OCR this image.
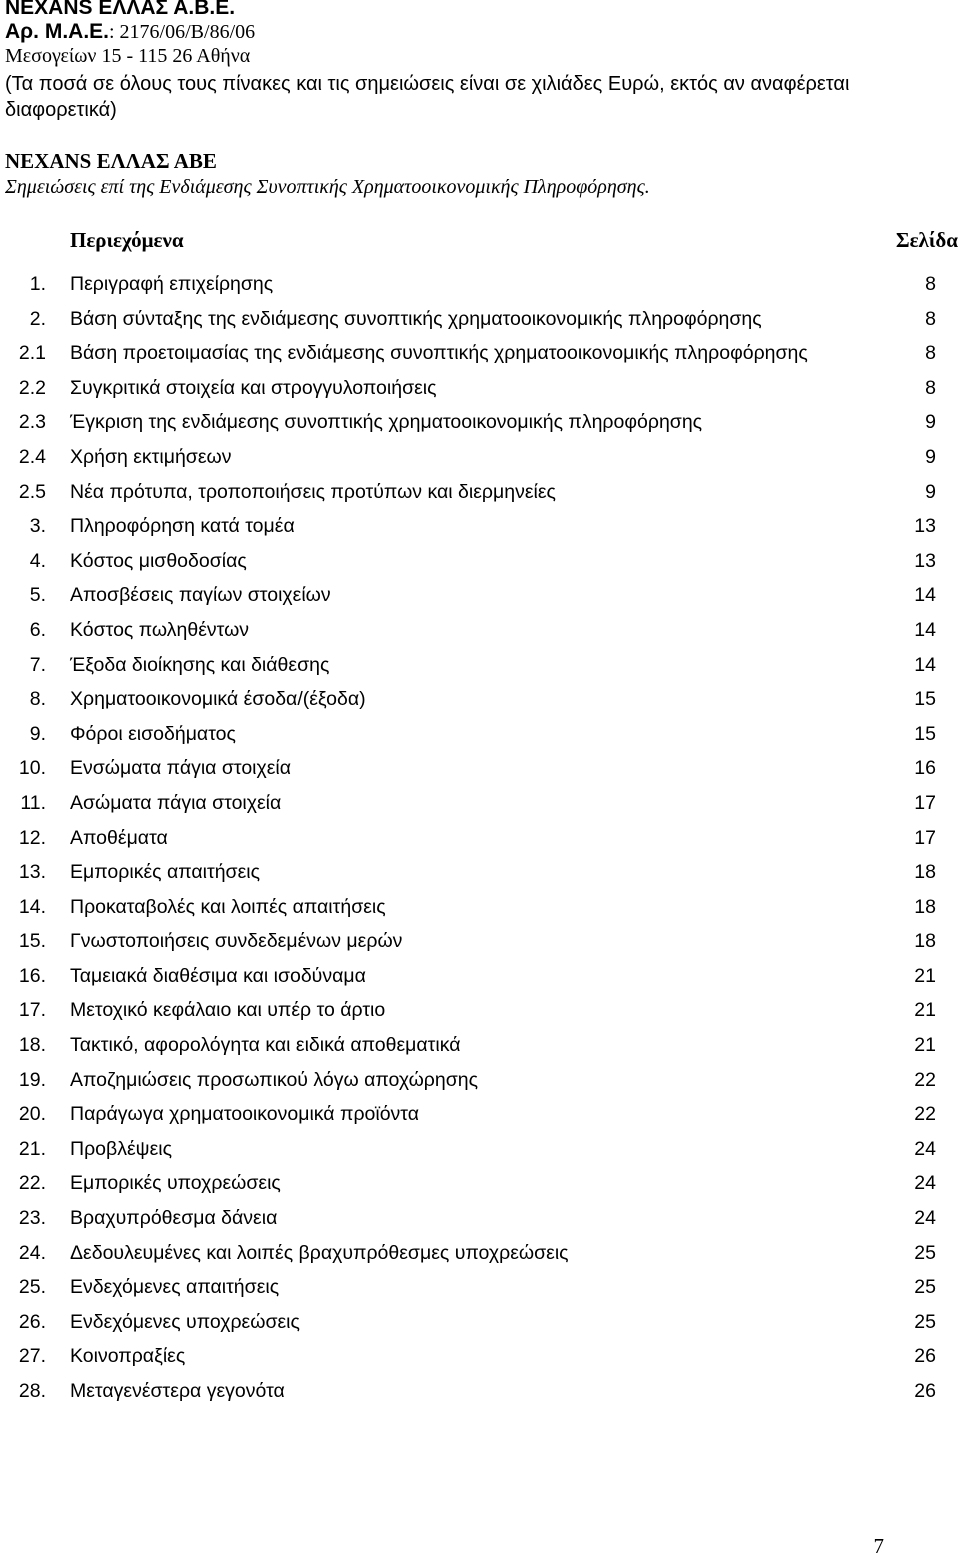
NEXANS ΕΛΛΑΣ Α.Β.Ε.
Αρ. Μ.Α.Ε.: 2176/06/Β/86/06
Μεσογείων 15 - 115 26 Αθήνα
(Τα ποσά σε όλους τους πίνακες και τις σημειώσεις είναι σε χιλιάδες Ευρώ, εκτός αν αναφέρεται
διαφορετικά)
NEXANS ΕΛΛΑΣ ΑΒΕ
Σημειώσεις επί της Ενδιάμεσης Συνοπτικής Χρηματοοικονομικής Πληροφόρησης.
Περιεχόμενα	Σελίδα
1. Περιγραφή επιχείρησης	8
2. Βάση σύνταξης της ενδιάμεσης συνοπτικής χρηματοοικονομικής πληροφόρησης	8
2.1 Βάση προετοιμασίας της ενδιάμεσης συνοπτικής χρηματοοικονομικής πληροφόρησης	8
2.2 Συγκριτικά στοιχεία και στρογγυλοποιήσεις	8
2.3 Έγκριση της ενδιάμεσης συνοπτικής χρηματοοικονομικής πληροφόρησης	9
2.4 Χρήση εκτιμήσεων	9
2.5 Νέα πρότυπα, τροποποιήσεις προτύπων και διερμηνείες	9
3. Πληροφόρηση κατά τομέα	13
4. Κόστος μισθοδοσίας	13
5. Αποσβέσεις παγίων στοιχείων	14
6. Κόστος πωληθέντων	14
7. Έξοδα διοίκησης και διάθεσης	14
8. Χρηματοοικονομικά έσοδα/(έξοδα)	15
9. Φόροι εισοδήματος	15
10. Ενσώματα πάγια στοιχεία	16
11. Ασώματα πάγια στοιχεία	17
12. Αποθέματα	17
13. Εμπορικές απαιτήσεις	18
14. Προκαταβολές και λοιπές απαιτήσεις	18
15. Γνωστοποιήσεις συνδεδεμένων μερών	18
16. Ταμειακά διαθέσιμα και ισοδύναμα	21
17. Μετοχικό κεφάλαιο και υπέρ το άρτιο	21
18. Τακτικό, αφορολόγητα και ειδικά αποθεματικά	21
19. Αποζημιώσεις προσωπικού λόγω αποχώρησης	22
20. Παράγωγα χρηματοοικονομικά προϊόντα	22
21. Προβλέψεις	24
22. Εμπορικές υποχρεώσεις	24
23. Βραχυπρόθεσμα δάνεια	24
24. Δεδουλευμένες και λοιπές βραχυπρόθεσμες υποχρεώσεις	25
25. Ενδεχόμενες απαιτήσεις	25
26. Ενδεχόμενες υποχρεώσεις	25
27. Κοινοπραξίες	26
28. Μεταγενέστερα γεγονότα	26
7
